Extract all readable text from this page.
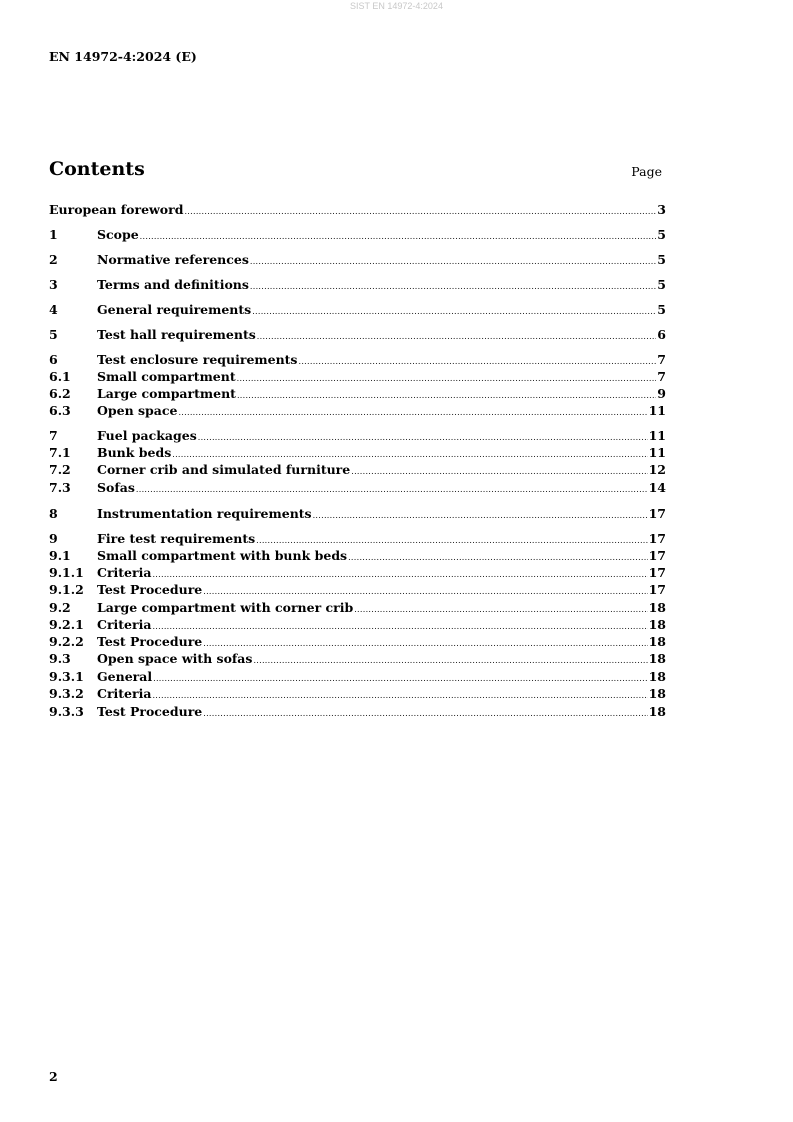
SIST EN 14972-4:2024
EN 14972-4:2024 (E)
Contents	Page
European foreword .....	3
1	Scope .....	5
2	Normative references .....	5
3	Terms and definitions .....	5
4	General requirements .....	5
5	Test hall requirements .....	6
6	Test enclosure requirements .....	7
6.1	Small compartment .....	7
6.2	Large compartment .....	9
6.3	Open space .....	11
7	Fuel packages .....	11
7.1	Bunk beds .....	11
7.2	Corner crib and simulated furniture .....	12
7.3	Sofas .....	14
8	Instrumentation requirements .....	17
9	Fire test requirements .....	17
9.1	Small compartment with bunk beds .....	17
9.1.1	Criteria .....	17
9.1.2	Test Procedure .....	17
9.2	Large compartment with corner crib .....	18
9.2.1	Criteria .....	18
9.2.2	Test Procedure .....	18
9.3	Open space with sofas .....	18
9.3.1	General .....	18
9.3.2	Criteria .....	18
9.3.3	Test Procedure .....	18
2
